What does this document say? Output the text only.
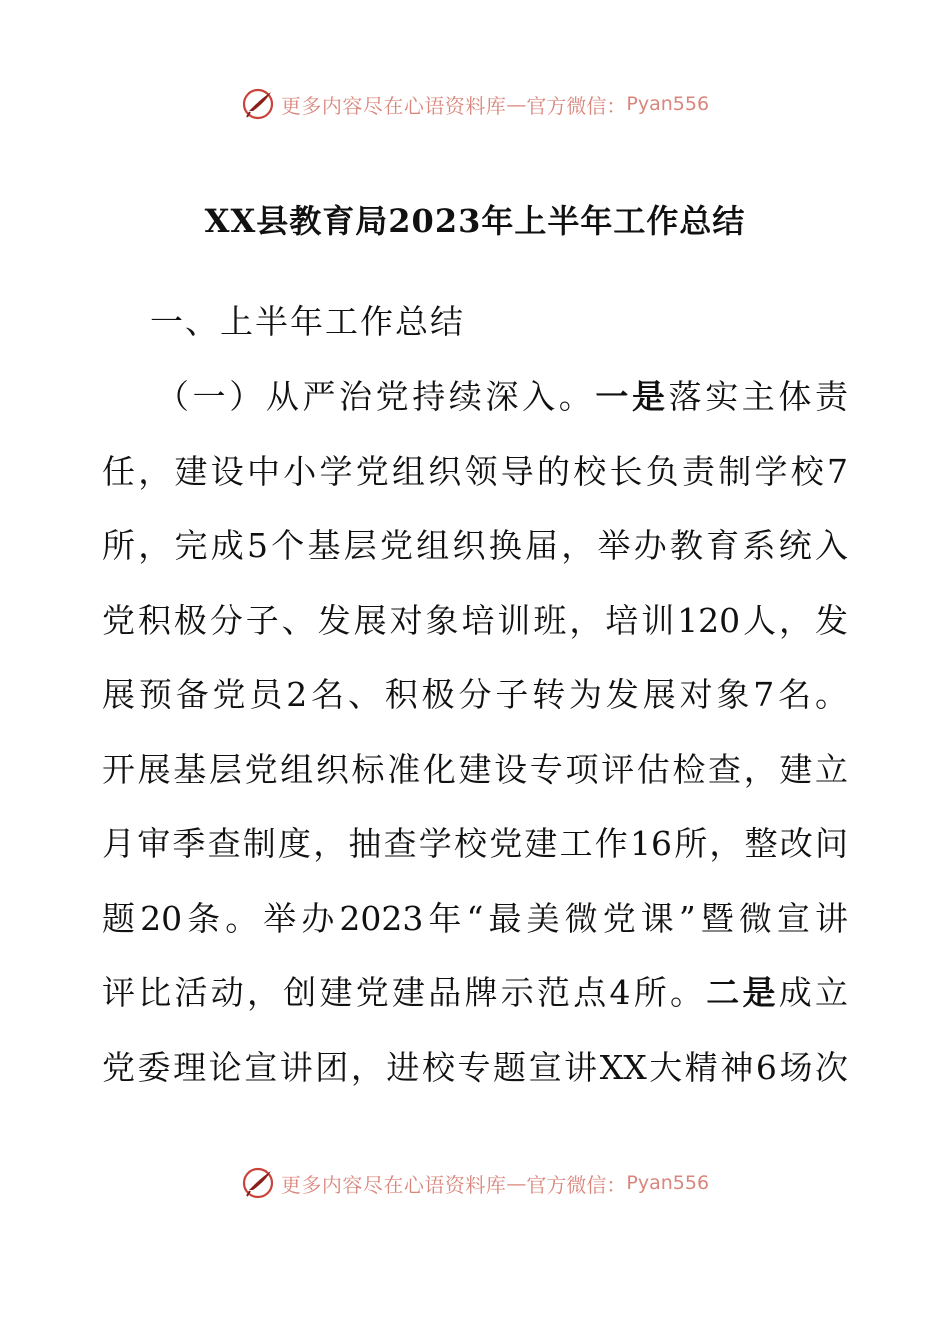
更多内容尽在心语资料库 — 官方微信： Pyan556
XX县教育局2023年上半年工作总结
一、上半年工作总结
（一）从严治党持续深入。一是落实主体责
任，建设中小学党组织领导的校长负责制学校7
所，完成5个基层党组织换届，举办教育系统入
党积极分子、发展对象培训班，培训120人，发
展预备党员2名、积极分子转为发展对象7名。
开展基层党组织标准化建设专项评估检查，建立
月审季查制度，抽查学校党建工作16所，整改问
题20条。举办2023年“最美微党课”暨微宣讲
评比活动，创建党建品牌示范点4所。二是成立
党委理论宣讲团，进校专题宣讲XX大精神6场次
更多内容尽在心语资料库 — 官方微信： Pyan556
